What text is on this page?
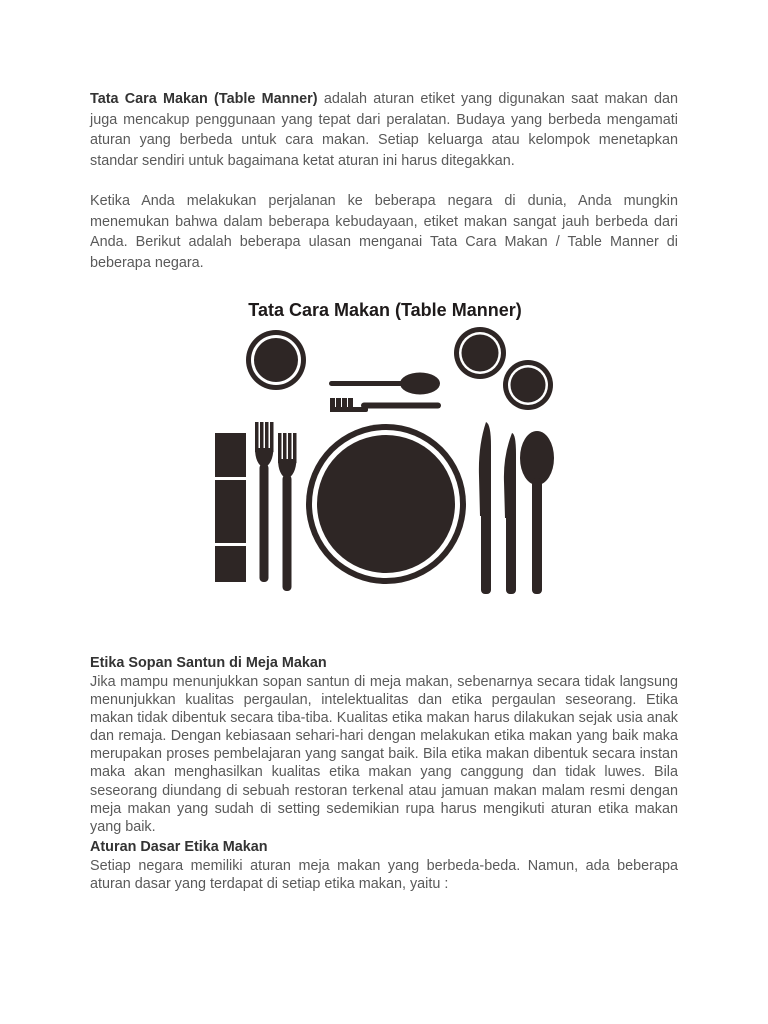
Tata Cara Makan (Table Manner) adalah aturan etiket yang digunakan saat makan dan juga mencakup penggunaan yang tepat dari peralatan. Budaya yang berbeda mengamati aturan yang berbeda untuk cara makan. Setiap keluarga atau kelompok menetapkan standar sendiri untuk bagaimana ketat aturan ini harus ditegakkan.

Ketika Anda melakukan perjalanan ke beberapa negara di dunia, Anda mungkin menemukan bahwa dalam beberapa kebudayaan, etiket makan sangat jauh berbeda dari Anda. Berikut adalah beberapa ulasan menganai Tata Cara Makan / Table Manner di beberapa negara.

Tata Cara Makan (Table Manner)

Etika Sopan Santun di Meja Makan

Jika mampu menunjukkan sopan santun di meja makan, sebenarnya secara tidak langsung menunjukkan kualitas pergaulan, intelektualitas dan etika pergaulan seseorang. Etika makan tidak dibentuk secara tiba-tiba. Kualitas etika makan harus dilakukan sejak usia anak dan remaja. Dengan kebiasaan sehari-hari dengan melakukan etika makan yang baik maka merupakan proses pembelajaran yang sangat baik. Bila etika makan dibentuk secara instan maka akan menghasilkan kualitas etika makan yang canggung dan tidak luwes. Bila seseorang diundang di sebuah restoran terkenal atau jamuan makan malam resmi dengan meja makan yang sudah di setting sedemikian rupa harus mengikuti aturan etika makan yang baik.

Aturan Dasar Etika Makan

Setiap negara memiliki aturan meja makan yang berbeda-beda. Namun, ada beberapa aturan dasar yang terdapat di setiap etika makan, yaitu :
